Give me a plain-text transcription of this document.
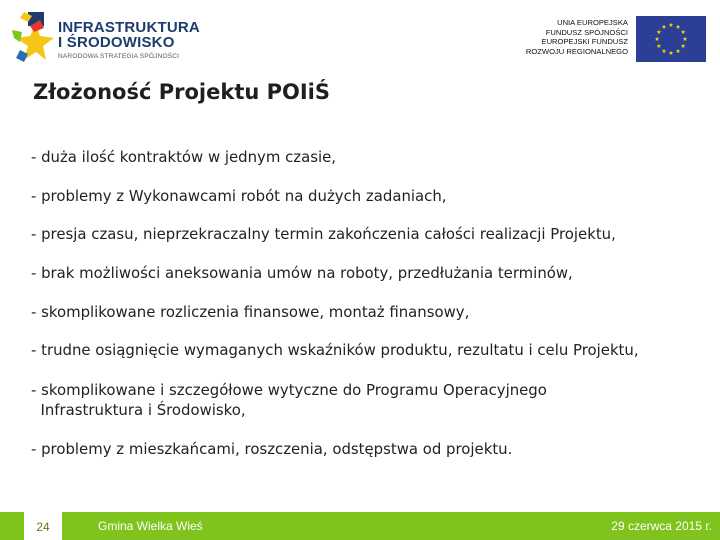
INFRASTRUKTURA
I ŚRODOWISKO
NARODOWA STRATEGIA SPÓJNOŚCI
UNIA EUROPEJSKA
FUNDUSZ SPÓJNOŚCI
EUROPEJSKI FUNDUSZ
ROZWOJU REGIONALNEGO
Złożoność Projektu POIiŚ
- duża ilość kontraktów w jednym czasie,
- problemy z Wykonawcami robót na dużych zadaniach,
- presja czasu, nieprzekraczalny termin zakończenia całości realizacji Projektu,
- brak możliwości aneksowania umów na roboty, przedłużania terminów,
- skomplikowane rozliczenia finansowe, montaż finansowy,
- trudne osiągnięcie wymaganych wskaźników produktu, rezultatu i celu Projektu,
- skomplikowane i szczegółowe wytyczne do Programu Operacyjnego
Infrastruktura i Środowisko,
- problemy z mieszkańcami, roszczenia, odstępstwa od projektu.
Gmina Wielka Wieś	29 czerwca 2015 r.
24
